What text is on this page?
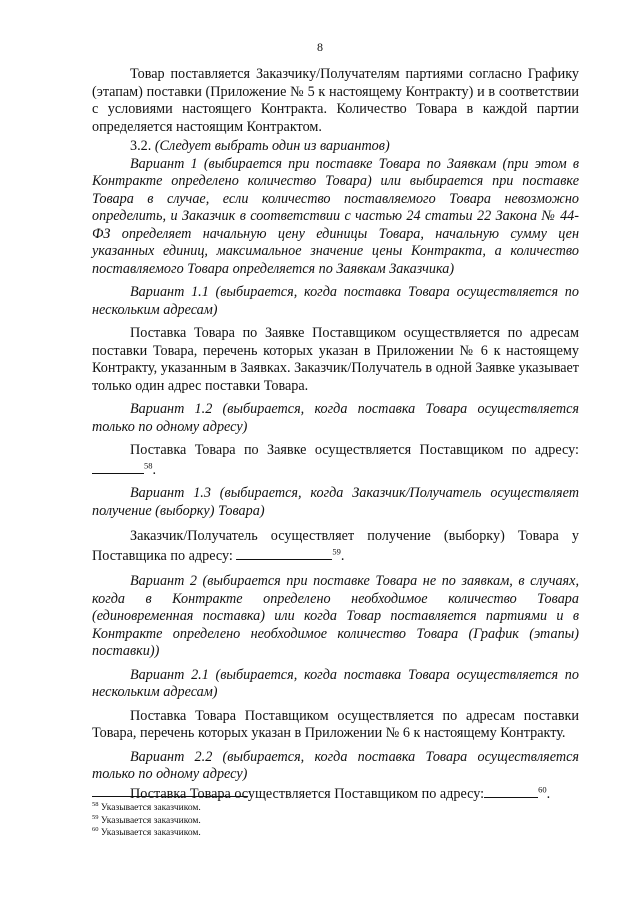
8

Товар поставляется Заказчику/Получателям партиями согласно Графику (этапам) поставки (Приложение № 5 к настоящему Контракту) и в соответствии с условиями настоящего Контракта. Количество Товара в каждой партии определяется настоящим Контрактом.

3.2. (Следует выбрать один из вариантов)

Вариант 1 (выбирается при поставке Товара по Заявкам (при этом в Контракте определено количество Товара) или выбирается при поставке Товара в случае, если количество поставляемого Товара невозможно определить, и Заказчик в соответствии с частью 24 статьи 22 Закона № 44-ФЗ определяет начальную цену единицы Товара, начальную сумму цен указанных единиц, максимальное значение цены Контракта, а количество поставляемого Товара определяется по Заявкам Заказчика)

Вариант 1.1 (выбирается, когда поставка Товара осуществляется по нескольким адресам)

Поставка Товара по Заявке Поставщиком осуществляется по адресам поставки Товара, перечень которых указан в Приложении № 6 к настоящему Контракту, указанным в Заявках. Заказчик/Получатель в одной Заявке указывает только один адрес поставки Товара.

Вариант 1.2 (выбирается, когда поставка Товара осуществляется только по одному адресу)

Поставка Товара по Заявке осуществляется Поставщиком по адресу: $^{58}$.

Вариант 1.3 (выбирается, когда Заказчик/Получатель осуществляет получение (выборку) Товара)

Заказчик/Получатель осуществляет получение (выборку) Товара у Поставщика по адресу:	$^{59}$.

Вариант 2 (выбирается при поставке Товара не по заявкам, в случаях, когда в Контракте определено необходимое количество Товара (единовременная поставка) или когда Товар поставляется партиями и в Контракте определено необходимое количество Товара (График (этапы) поставки))

Вариант 2.1 (выбирается, когда поставка Товара осуществляется по нескольким адресам)

Поставка Товара Поставщиком осуществляется по адресам поставки Товара, перечень которых указан в Приложении № 6 к настоящему Контракту.

Вариант 2.2 (выбирается, когда поставка Товара осуществляется только по одному адресу)

Поставка Товара осуществляется Поставщиком по адресу:	$^{60}$.

$^{58}$ Указывается заказчиком.
$^{59}$ Указывается заказчиком.
$^{60}$ Указывается заказчиком.
